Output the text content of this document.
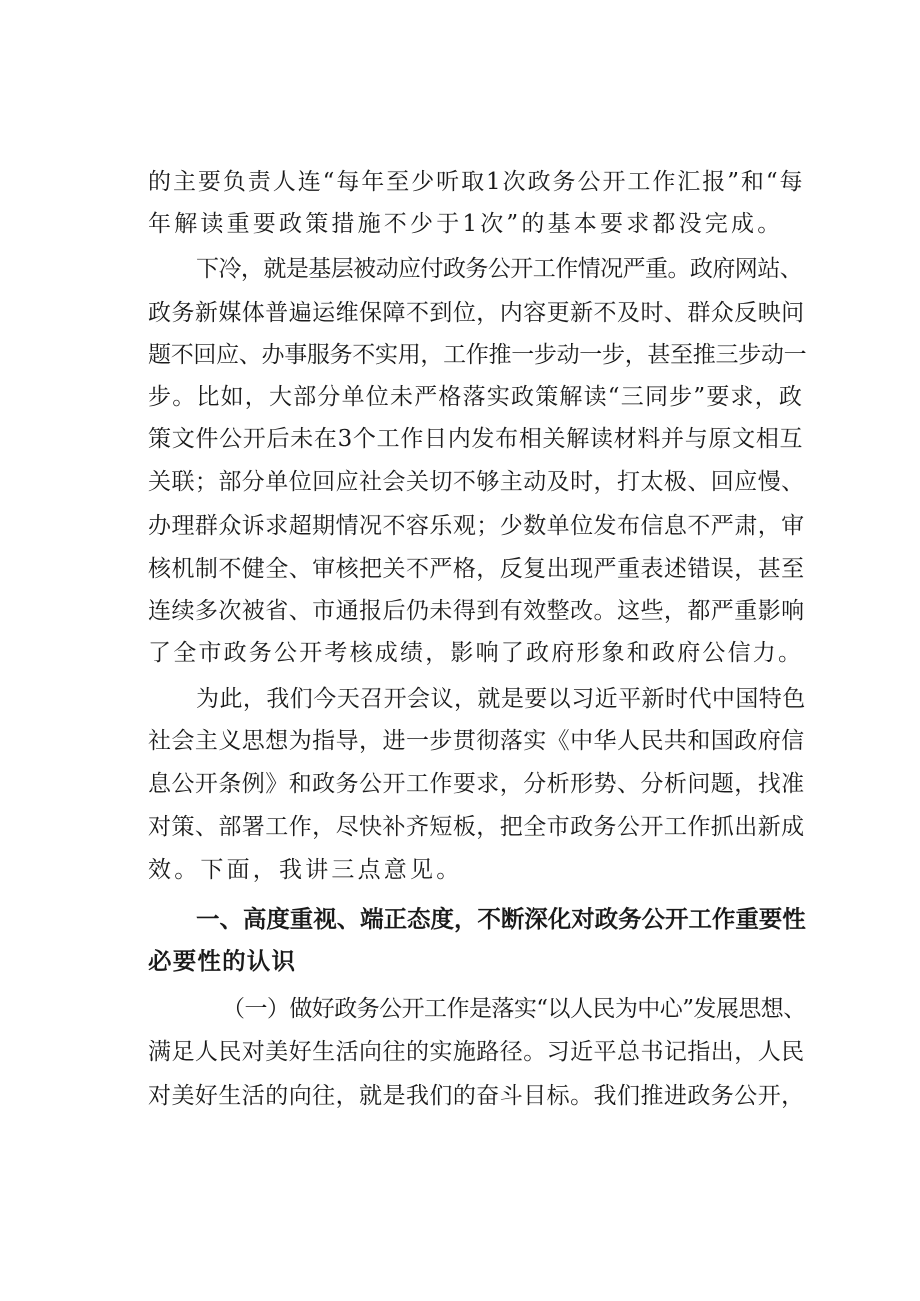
的主要负责人连“每年至少听取1次政务公开工作汇报”和“每
年解读重要政策措施不少于1次”的基本要求都没完成。
下冷，就是基层被动应付政务公开工作情况严重。政府网站、
政务新媒体普遍运维保障不到位，内容更新不及时、群众反映问
题不回应、办事服务不实用，工作推一步动一步，甚至推三步动一
步。比如，大部分单位未严格落实政策解读“三同步”要求，政
策文件公开后未在3个工作日内发布相关解读材料并与原文相互
关联；部分单位回应社会关切不够主动及时，打太极、回应慢、
办理群众诉求超期情况不容乐观；少数单位发布信息不严肃，审
核机制不健全、审核把关不严格，反复出现严重表述错误，甚至
连续多次被省、市通报后仍未得到有效整改。这些，都严重影响
了全市政务公开考核成绩，影响了政府形象和政府公信力。
为此，我们今天召开会议，就是要以习近平新时代中国特色
社会主义思想为指导，进一步贯彻落实《中华人民共和国政府信
息公开条例》和政务公开工作要求，分析形势、分析问题，找准
对策、部署工作，尽快补齐短板，把全市政务公开工作抓出新成
效。下面，我讲三点意见。
一、高度重视、端正态度，不断深化对政务公开工作重要性
必要性的认识
（一）做好政务公开工作是落实“以人民为中心”发展思想、
满足人民对美好生活向往的实施路径。习近平总书记指出，人民
对美好生活的向往，就是我们的奋斗目标。我们推进政务公开，
